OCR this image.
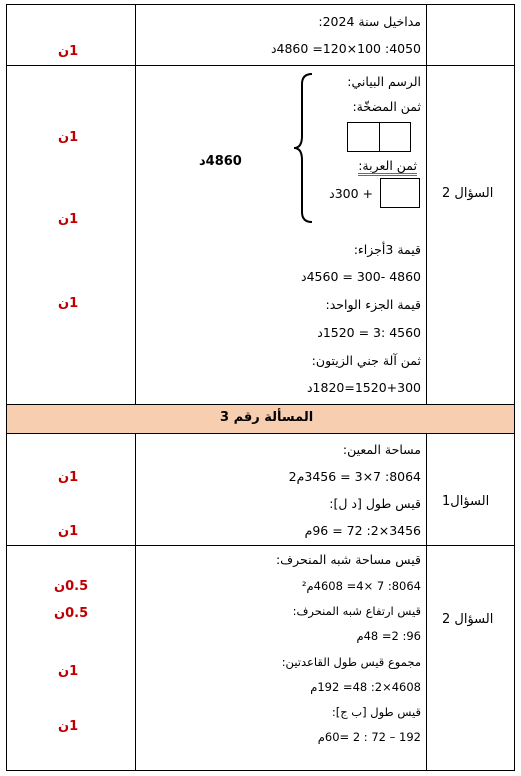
مداخيل سنة 2024:
4050: 100×120= 4860د
1ن
الرسم البياني:
ثمن المضخّة:
ثمن العربة:
+ 300د
4860د
السؤال 2
قيمة 3أجزاء:
4860 -300 = 4560د
قيمة الجزء الواحد:
4560 :3 = 1520د
ثمن آلة جني الزيتون:
1520+300=1820د
1ن
1ن
1ن
المسألة رقم 3
مساحة المعين:
8064: 7×3 = 3456م2
قيس طول [د ل]:
3456×2: 72 = 96م
السؤال1
1ن
1ن
قيس مساحة شبه المنحرف:
8064: 7 ×4= 4608م²
قيس ارتفاع شبه المنحرف:
96: 2= 48م
مجموع قيس طول القاعدتين:
4608×2: 48= 192م
قيس طول [ب ج]:
192 – 72 : 2 =60م
السؤال 2
0.5ن
0.5ن
1ن
1ن
